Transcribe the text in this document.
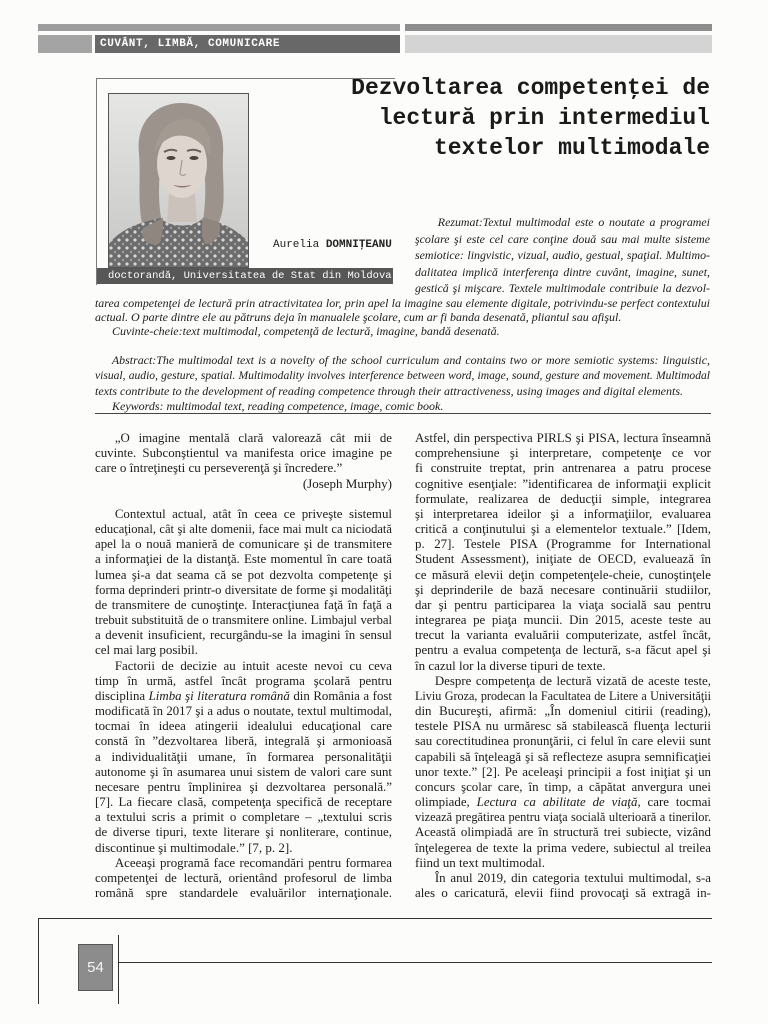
CUVÂNT, LIMBĂ, COMUNICARE
Dezvoltarea competenţei de
lectură prin intermediul
textelor multimodale
Aurelia DOMNIŢEANU
doctorandă, Universitatea de Stat din Moldova
Rezumat:Textul multimodal este o noutate a programei
şcolare şi este cel care conţine două sau mai multe sisteme
semiotice: lingvistic, vizual, audio, gestual, spaţial. Multimo-
dalitatea implică interferenţa dintre cuvânt, imagine, sunet,
gestică şi mişcare. Textele multimodale contribuie la dezvol-
tarea competenţei de lectură prin atractivitatea lor, prin apel la imagine sau elemente digitale, potrivindu-se perfect contextului
actual. O parte dintre ele au pătruns deja în manualele şcolare, cum ar fi banda desenată, pliantul sau afişul.
Cuvinte-cheie:text multimodal, competenţă de lectură, imagine, bandă desenată.
Abstract:The multimodal text is a novelty of the school curriculum and contains two or more semiotic systems: linguistic,
visual, audio, gesture, spatial. Multimodality involves interference between word, image, sound, gesture and movement. Multimodal
texts contribute to the development of reading competence through their attractiveness, using images and digital elements.
Keywords: multimodal text, reading competence, image, comic book.
„O imagine mentală clară valorează cât mii de
cuvinte. Subconştientul va manifesta orice imagine pe
care o întreţineşti cu perseverenţă şi încredere.”
(Joseph Murphy)
Contextul actual, atât în ceea ce priveşte sistemul
educaţional, cât şi alte domenii, face mai mult ca niciodată
apel la o nouă manieră de comunicare şi de transmitere
a informaţiei de la distanţă. Este momentul în care toată
lumea şi-a dat seama că se pot dezvolta competenţe şi
forma deprinderi printr-o diversitate de forme şi modalităţi
de transmitere de cunoştinţe. Interacţiunea faţă în faţă a
trebuit substituită de o transmitere online. Limbajul verbal
a devenit insuficient, recurgându-se la imagini în sensul
cel mai larg posibil.
Factorii de decizie au intuit aceste nevoi cu ceva
timp în urmă, astfel încât programa şcolară pentru
disciplina Limba şi literatura română din România a fost
modificată în 2017 şi a adus o noutate, textul multimodal,
tocmai în ideea atingerii idealului educaţional care
constă în ”dezvoltarea liberă, integrală şi armonioasă
a individualităţii umane, în formarea personalităţii
autonome şi în asumarea unui sistem de valori care sunt
necesare pentru împlinirea şi dezvoltarea personală.”
[7]. La fiecare clasă, competenţa specifică de receptare
a textului scris a primit o completare – „textului scris
de diverse tipuri, texte literare şi nonliterare, continue,
discontinue şi multimodale.” [7, p. 2].
Aceeaşi programă face recomandări pentru formarea
competenţei de lectură, orientând profesorul de limba
română spre standardele evaluărilor internaţionale.
Astfel, din perspectiva PIRLS şi PISA, lectura înseamnă
comprehensiune şi interpretare, competenţe ce vor
fi construite treptat, prin antrenarea a patru procese
cognitive esenţiale: ”identificarea de informaţii explicit
formulate, realizarea de deducţii simple, integrarea
şi interpretarea ideilor şi a informaţiilor, evaluarea
critică a conţinutului şi a elementelor textuale.” [Idem,
p. 27]. Testele PISA (Programme for International
Student Assessment), iniţiate de OECD, evaluează în
ce măsură elevii deţin competenţele-cheie, cunoştinţele
şi deprinderile de bază necesare continuării studiilor,
dar şi pentru participarea la viaţa socială sau pentru
integrarea pe piaţa muncii. Din 2015, aceste teste au
trecut la varianta evaluării computerizate, astfel încât,
pentru a evalua competenţa de lectură, s-a făcut apel şi
în cazul lor la diverse tipuri de texte.
Despre competenţa de lectură vizată de aceste teste,
Liviu Groza, prodecan la Facultatea de Litere a Universităţii
din Bucureşti, afirmă: „În domeniul citirii (reading),
testele PISA nu urmăresc să stabilească fluenţa lecturii
sau corectitudinea pronunţării, ci felul în care elevii sunt
capabili să înţeleagă şi să reflecteze asupra semnificaţiei
unor texte.” [2]. Pe aceleaşi principii a fost iniţiat şi un
concurs şcolar care, în timp, a căpătat anvergura unei
olimpiade, Lectura ca abilitate de viaţă, care tocmai
vizează pregătirea pentru viaţa socială ulterioară a tinerilor.
Această olimpiadă are în structură trei subiecte, vizând
înţelegerea de texte la prima vedere, subiectul al treilea
fiind un text multimodal.
În anul 2019, din categoria textului multimodal, s-a
ales o caricatură, elevii fiind provocaţi să extragă in-
54
